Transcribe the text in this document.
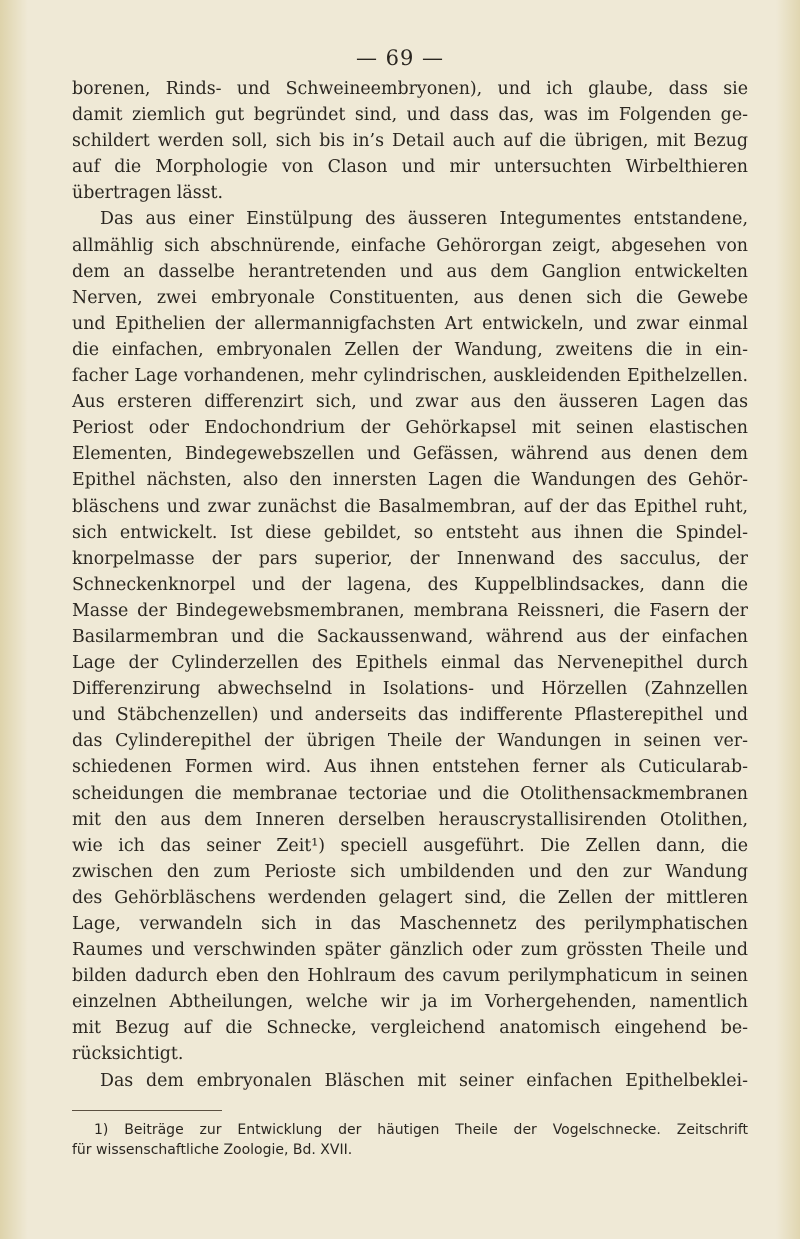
— 69 —
borenen, Rinds- und Schweineembryonen), und ich glaube, dass sie
damit ziemlich gut begründet sind, und dass das, was im Folgenden ge-
schildert werden soll, sich bis in’s Detail auch auf die übrigen, mit Bezug
auf die Morphologie von Clason und mir untersuchten Wirbelthieren
übertragen lässt.
Das aus einer Einstülpung des äusseren Integumentes entstandene,
allmählig sich abschnürende, einfache Gehörorgan zeigt, abgesehen von
dem an dasselbe herantretenden und aus dem Ganglion entwickelten
Nerven, zwei embryonale Constituenten, aus denen sich die Gewebe
und Epithelien der allermannigfachsten Art entwickeln, und zwar einmal
die einfachen, embryonalen Zellen der Wandung, zweitens die in ein-
facher Lage vorhandenen, mehr cylindrischen, auskleidenden Epithelzellen.
Aus ersteren differenzirt sich, und zwar aus den äusseren Lagen das
Periost oder Endochondrium der Gehörkapsel mit seinen elastischen
Elementen, Bindegewebszellen und Gefässen, während aus denen dem
Epithel nächsten, also den innersten Lagen die Wandungen des Gehör-
bläschens und zwar zunächst die Basalmembran, auf der das Epithel ruht,
sich entwickelt. Ist diese gebildet, so entsteht aus ihnen die Spindel-
knorpelmasse der pars superior, der Innenwand des sacculus, der
Schneckenknorpel und der lagena, des Kuppelblindsackes, dann die
Masse der Bindegewebsmembranen, membrana Reissneri, die Fasern der
Basilarmembran und die Sackaussenwand, während aus der einfachen
Lage der Cylinderzellen des Epithels einmal das Nervenepithel durch
Differenzirung abwechselnd in Isolations- und Hörzellen (Zahnzellen
und Stäbchenzellen) und anderseits das indifferente Pflasterepithel und
das Cylinderepithel der übrigen Theile der Wandungen in seinen ver-
schiedenen Formen wird. Aus ihnen entstehen ferner als Cuticularab-
scheidungen die membranae tectoriae und die Otolithensackmembranen
mit den aus dem Inneren derselben herauscrystallisirenden Otolithen,
wie ich das seiner Zeit¹) speciell ausgeführt. Die Zellen dann, die
zwischen den zum Perioste sich umbildenden und den zur Wandung
des Gehörbläschens werdenden gelagert sind, die Zellen der mittleren
Lage, verwandeln sich in das Maschennetz des perilymphatischen
Raumes und verschwinden später gänzlich oder zum grössten Theile und
bilden dadurch eben den Hohlraum des cavum perilymphaticum in seinen
einzelnen Abtheilungen, welche wir ja im Vorhergehenden, namentlich
mit Bezug auf die Schnecke, vergleichend anatomisch eingehend be-
rücksichtigt.
Das dem embryonalen Bläschen mit seiner einfachen Epithelbeklei-
1) Beiträge zur Entwicklung der häutigen Theile der Vogelschnecke. Zeitschrift
für wissenschaftliche Zoologie, Bd. XVII.
